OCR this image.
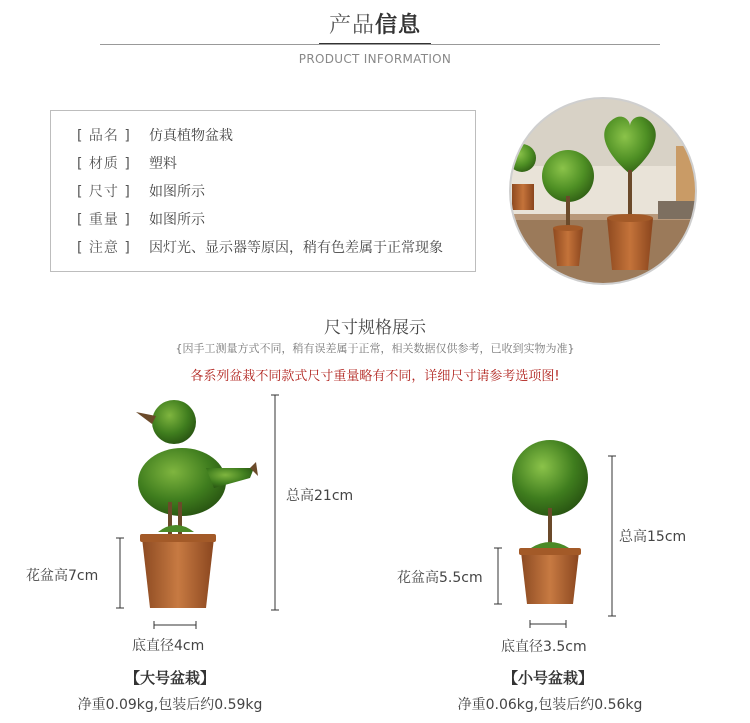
产品信息
PRODUCT INFORMATION
[ 品名 ] 仿真植物盆栽
[ 材质 ] 塑料
[ 尺寸 ] 如图所示
[ 重量 ] 如图所示
[ 注意 ] 因灯光、显示器等原因，稍有色差属于正常现象
尺寸规格展示
{因手工测量方式不同，稍有误差属于正常，相关数据仅供参考，已收到实物为准}
各系列盆栽不同款式尺寸重量略有不同，详细尺寸请参考选项图!
总高21cm
花盆高7cm
底直径4cm
【大号盆栽】
净重0.09kg,包装后约0.59kg
总高15cm
花盆高5.5cm
底直径3.5cm
【小号盆栽】
净重0.06kg,包装后约0.56kg
